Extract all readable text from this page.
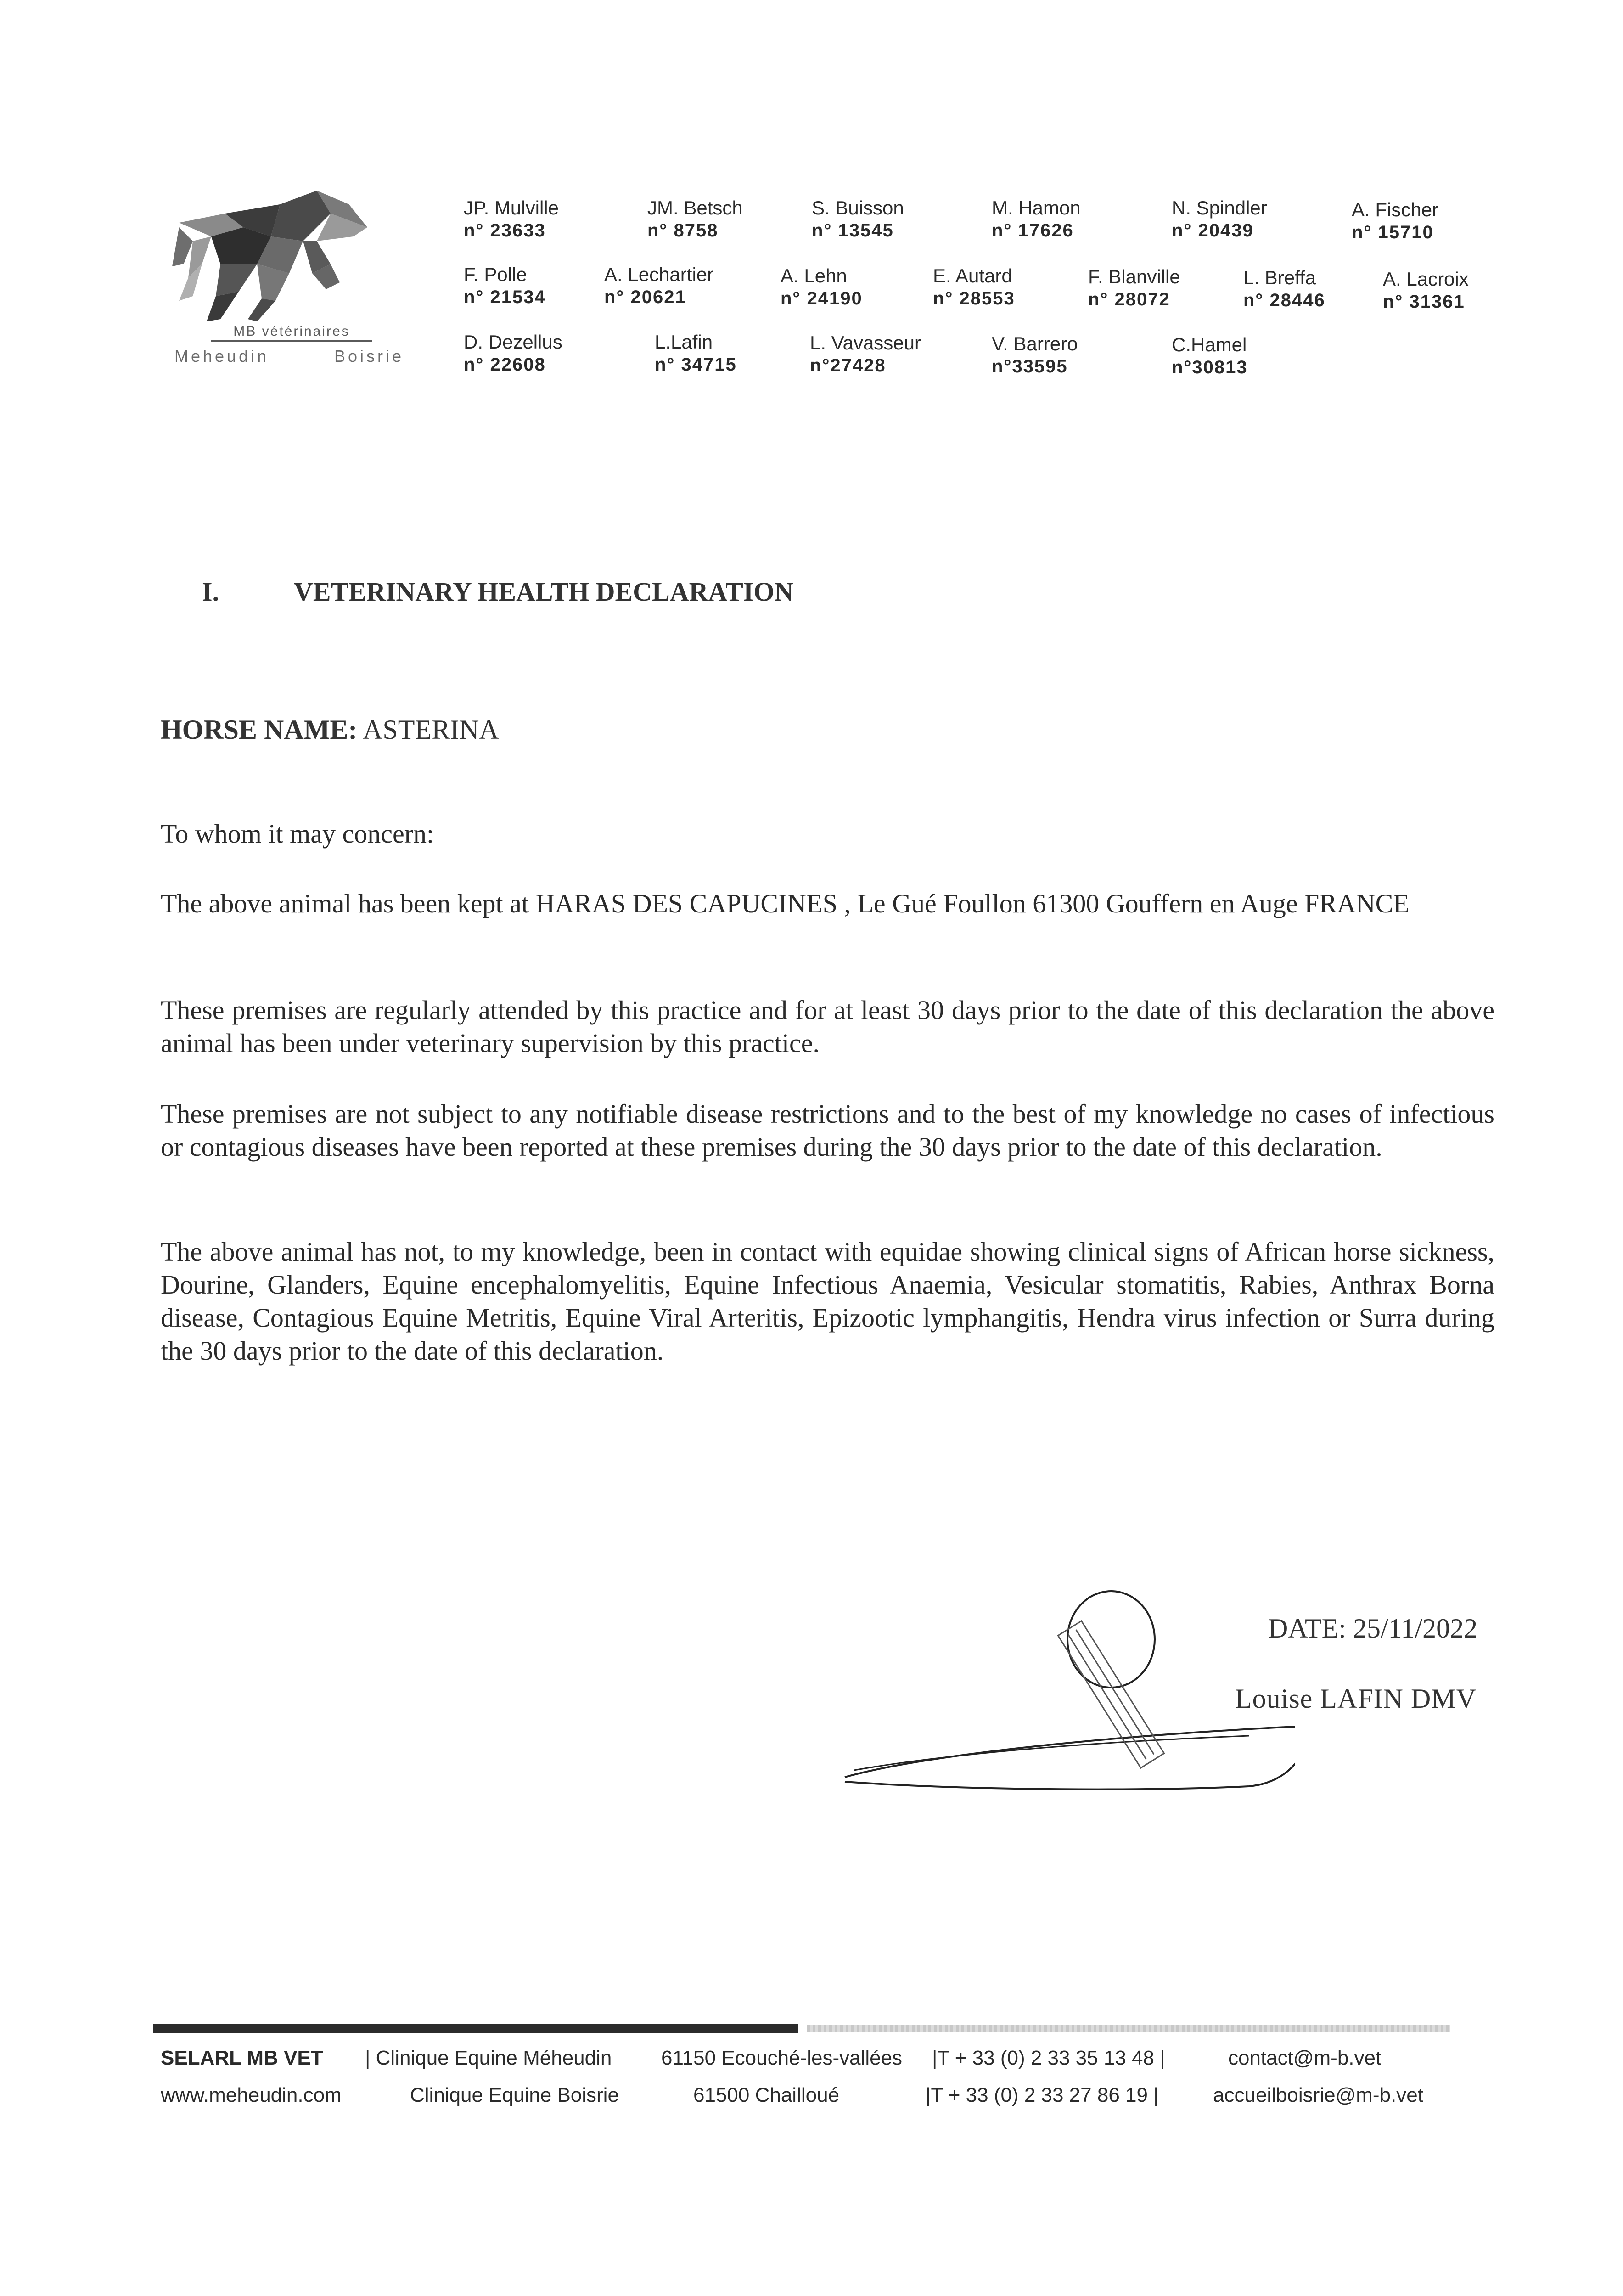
MB vétérinaires
Meheudin	Boisrie
JP. Mulville
n° 23633
JM. Betsch
n° 8758
S. Buisson
n° 13545
M. Hamon
n° 17626
N. Spindler
n° 20439
A. Fischer
n° 15710
F. Polle
n° 21534
A. Lechartier
n° 20621
A. Lehn
n° 24190
E. Autard
n° 28553
F. Blanville
n° 28072
L. Breffa
n° 28446
A. Lacroix
n° 31361
D. Dezellus
n° 22608
L.Lafin
n° 34715
L. Vavasseur
n°27428
V. Barrero
n°33595
C.Hamel
n°30813
I.	VETERINARY HEALTH DECLARATION
HORSE NAME: ASTERINA
To whom it may concern:
The above animal has been kept at HARAS DES CAPUCINES , Le Gué Foullon 61300 Gouffern en Auge FRANCE
These premises are regularly attended by this practice and for at least 30 days prior to the date of this declaration the above animal has been under veterinary supervision by this practice.
These premises are not subject to any notifiable disease restrictions and to the best of my knowledge no cases of infectious or contagious diseases have been reported at these premises during the 30 days prior to the date of this declaration.
The above animal has not, to my knowledge, been in contact with equidae showing clinical signs of African horse sickness, Dourine, Glanders, Equine encephalomyelitis, Equine Infectious Anaemia, Vesicular stomatitis, Rabies, Anthrax Borna disease, Contagious Equine Metritis, Equine Viral Arteritis, Epizootic lymphangitis, Hendra virus infection or Surra during the 30 days prior to the date of this declaration.
DATE: 25/11/2022
Louise LAFIN DMV
SELARL MB VET | Clinique Equine Méheudin 61150 Ecouché-les-vallées |T + 33 (0) 2 33 35 13 48 |	contact@m-b.vet
www.meheudin.com	Clinique Equine Boisrie	61500 Chailloué	|T + 33 (0) 2 33 27 86 19 |	accueilboisrie@m-b.vet
